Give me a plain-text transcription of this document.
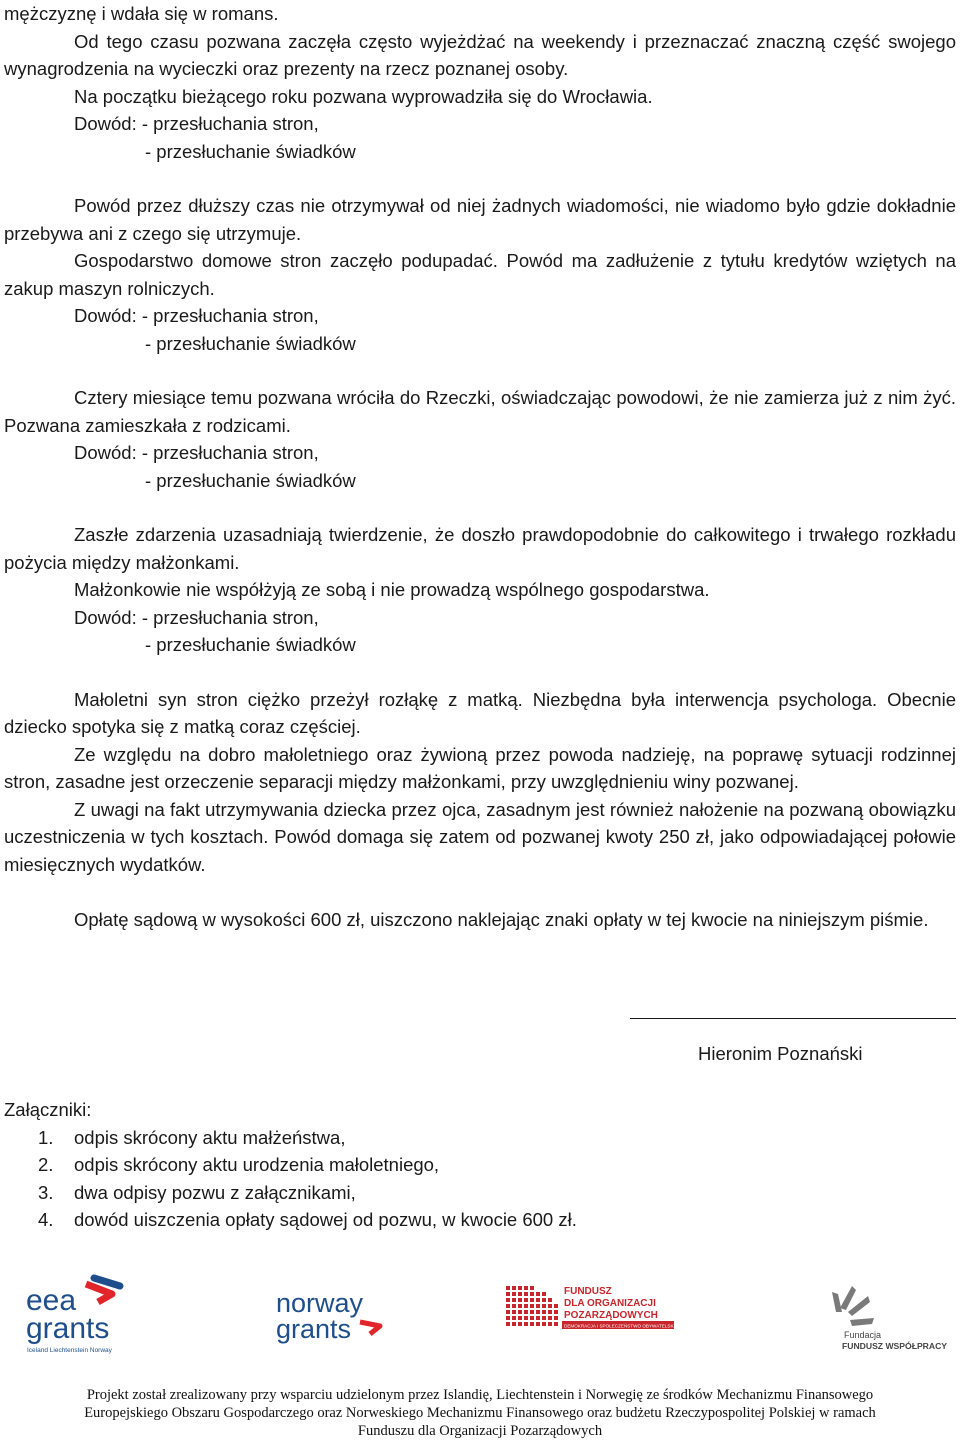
mężczyznę i wdała się w romans.

Od tego czasu pozwana zaczęła często wyjeżdżać na weekendy i przeznaczać znaczną część swojego wynagrodzenia na wycieczki oraz prezenty na rzecz poznanej osoby.

Na początku bieżącego roku pozwana wyprowadziła się do Wrocławia.

Dowód: - przesłuchania stron,

- przesłuchanie świadków

Powód przez dłuższy czas nie otrzymywał od niej żadnych wiadomości, nie wiadomo było gdzie dokładnie przebywa ani z czego się utrzymuje.

Gospodarstwo domowe stron zaczęło podupadać. Powód ma zadłużenie z tytułu kredytów wziętych na zakup maszyn rolniczych.

Dowód: - przesłuchania stron,

- przesłuchanie świadków

Cztery miesiące temu pozwana wróciła do Rzeczki, oświadczając powodowi, że nie zamierza już z nim żyć. Pozwana zamieszkała z rodzicami.

Dowód: - przesłuchania stron,

- przesłuchanie świadków

Zaszłe zdarzenia uzasadniają twierdzenie, że doszło prawdopodobnie do całkowitego i trwałego rozkładu pożycia między małżonkami.

Małżonkowie nie współżyją ze sobą i nie prowadzą wspólnego gospodarstwa.

Dowód: - przesłuchania stron,

- przesłuchanie świadków

Małoletni syn stron ciężko przeżył rozłąkę z matką. Niezbędna była interwencja psychologa. Obecnie dziecko spotyka się z matką coraz częściej.

Ze względu na dobro małoletniego oraz żywioną przez powoda nadzieję, na poprawę sytuacji rodzinnej stron, zasadne jest orzeczenie separacji między małżonkami, przy uwzględnieniu winy pozwanej.

Z uwagi na fakt utrzymywania dziecka przez ojca, zasadnym jest również nałożenie na pozwaną obowiązku uczestniczenia w tych kosztach. Powód domaga się zatem od pozwanej kwoty 250 zł, jako odpowiadającej połowie miesięcznych wydatków.

Opłatę sądową w wysokości 600 zł, uiszczono naklejając znaki opłaty w tej kwocie na niniejszym piśmie.

Hieronim Poznański
Załączniki:
1.	odpis skrócony aktu małżeństwa,
2.	odpis skrócony aktu urodzenia małoletniego,
3.	dwa odpisy pozwu z załącznikami,
4.	dowód uiszczenia opłaty sądowej od pozwu, w kwocie 600 zł.
eea
grants
Iceland Liechtenstein Norway
norway
grants
FUNDUSZ
DLA ORGANIZACJI
POZARZĄDOWYCH
DEMOKRACJA I SPOŁECZEŃSTWO OBYWATELSKIE
Fundacja
FUNDUSZ WSPÓŁPRACY
Projekt został zrealizowany przy wsparciu udzielonym przez Islandię, Liechtenstein i Norwegię ze środków Mechanizmu Finansowego
Europejskiego Obszaru Gospodarczego oraz Norweskiego Mechanizmu Finansowego oraz budżetu Rzeczypospolitej Polskiej w ramach
Funduszu dla Organizacji Pozarządowych
